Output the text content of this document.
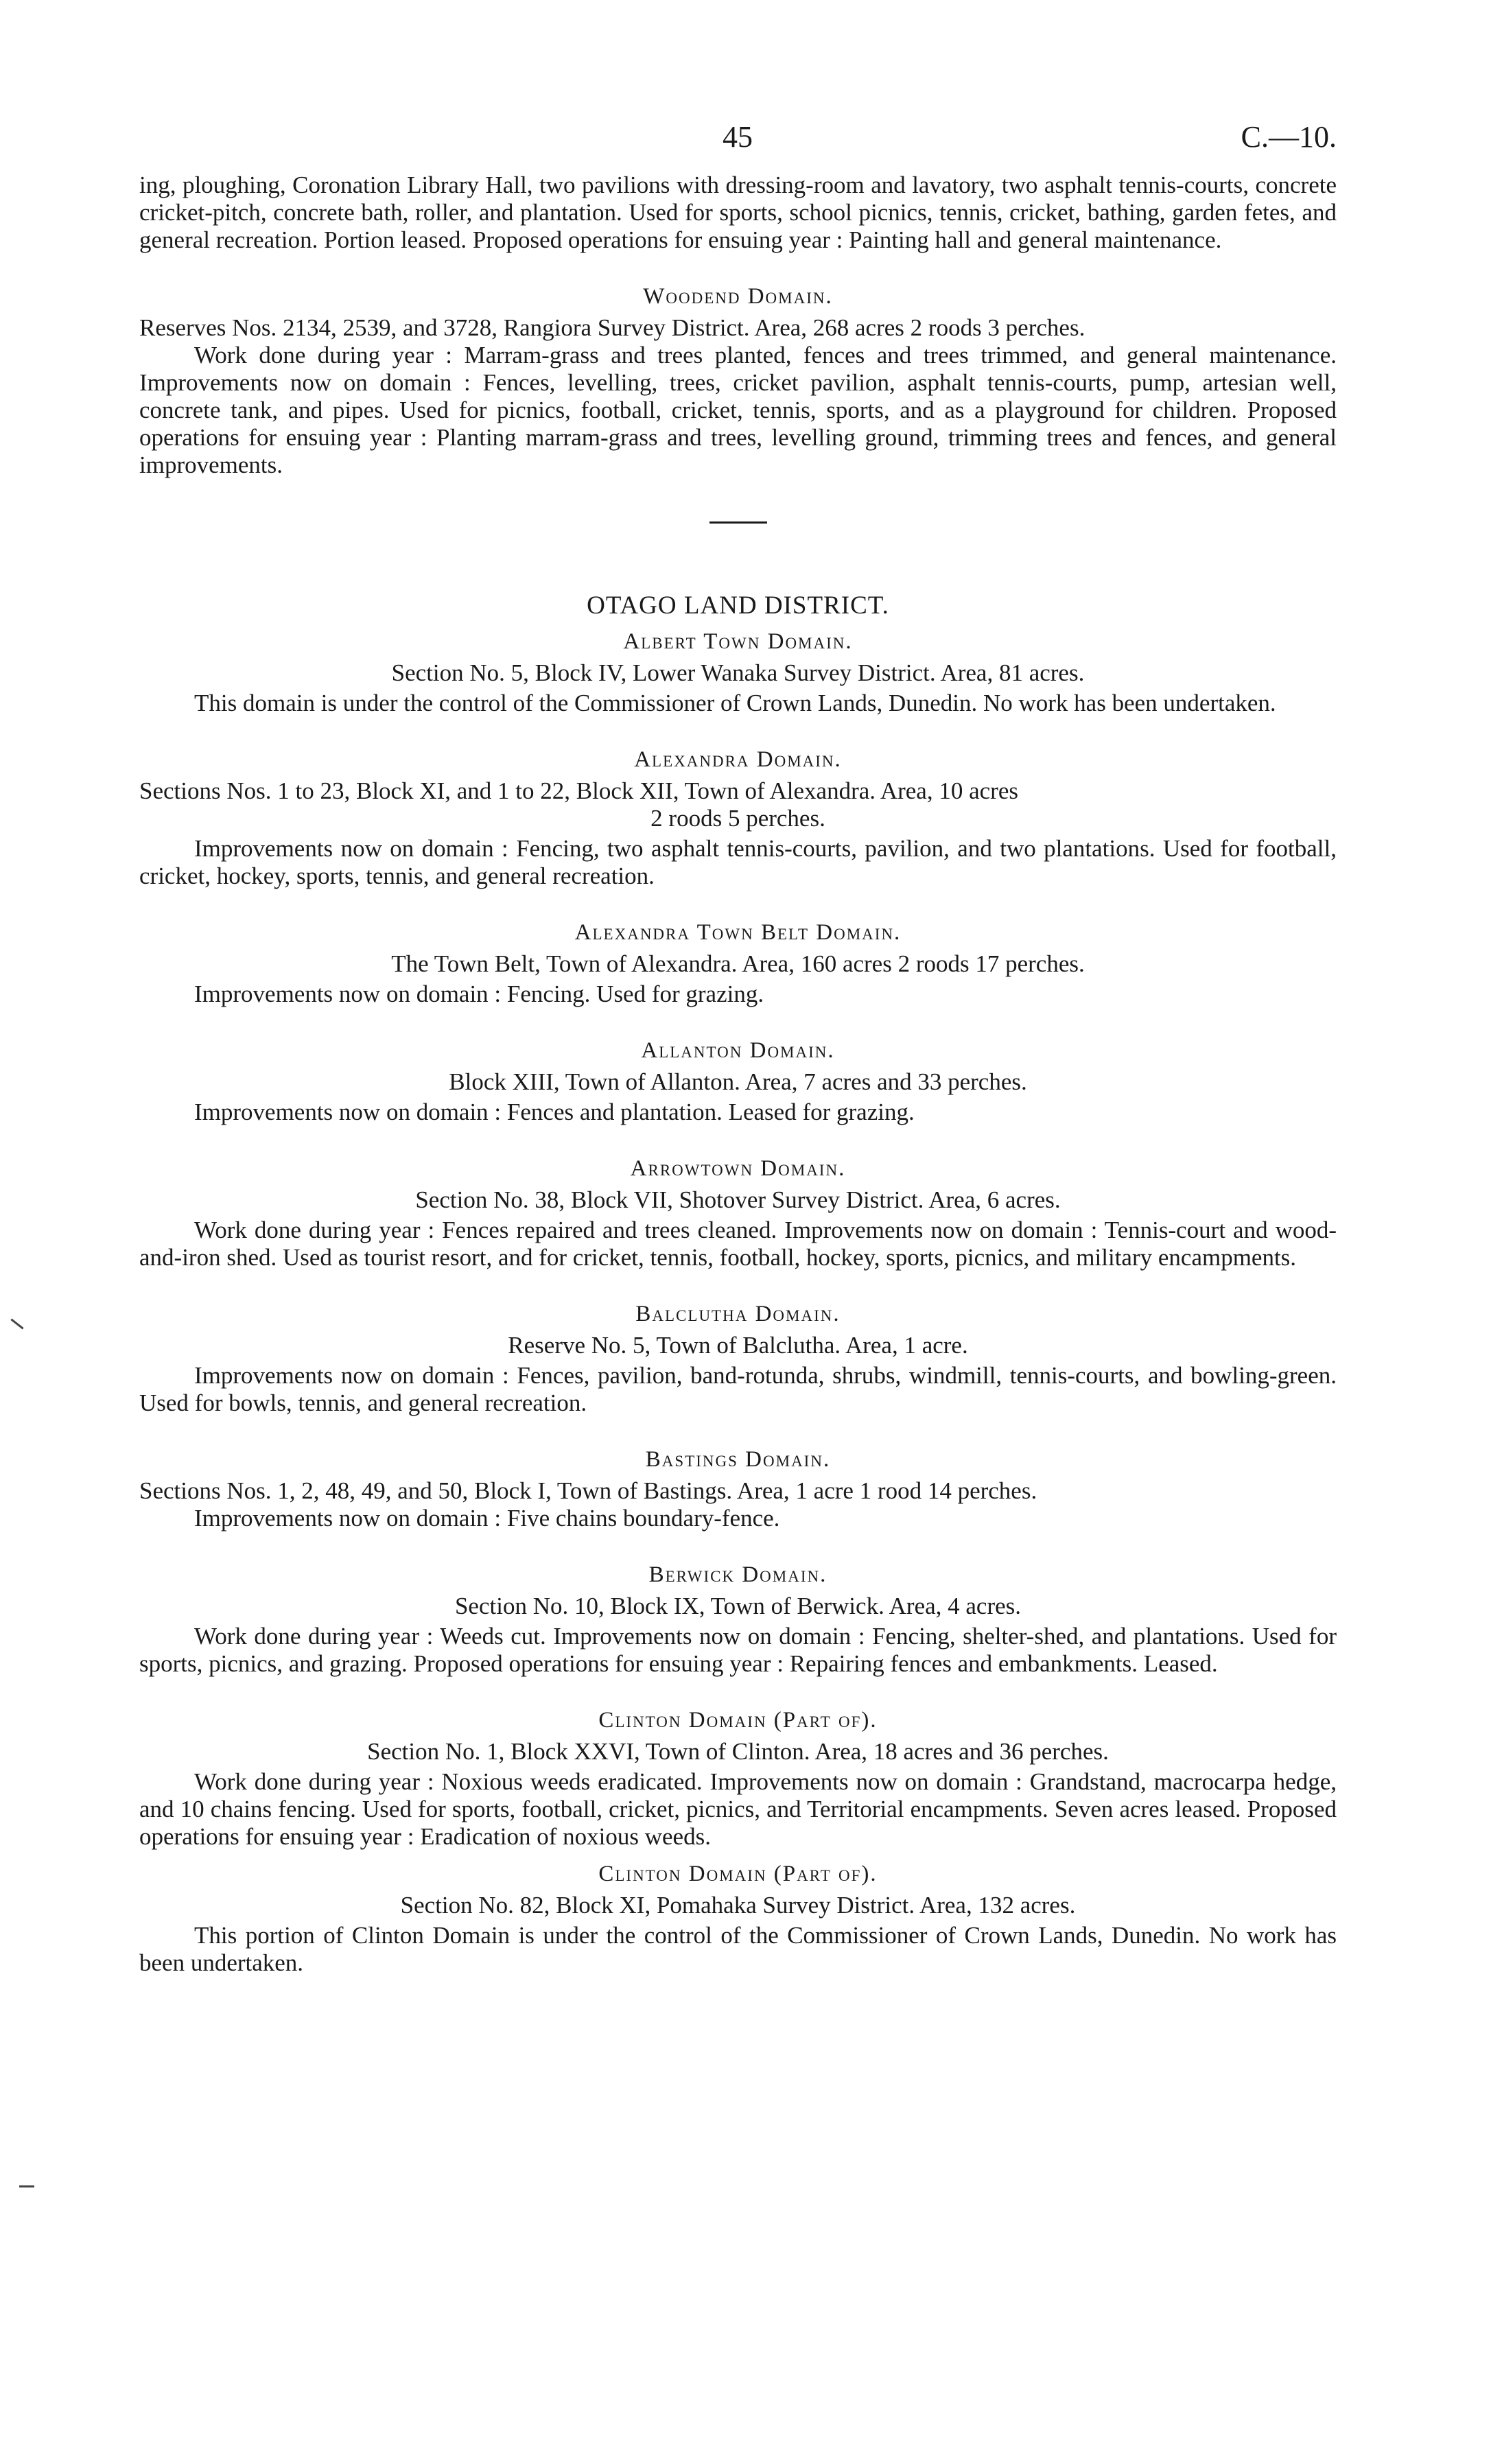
45	C.—10.

ing, ploughing, Coronation Library Hall, two pavilions with dressing-room and lavatory, two asphalt tennis-courts, concrete cricket-pitch, concrete bath, roller, and plantation. Used for sports, school picnics, tennis, cricket, bathing, garden fetes, and general recreation. Portion leased. Proposed operations for ensuing year : Painting hall and general maintenance.

Woodend Domain.

Reserves Nos. 2134, 2539, and 3728, Rangiora Survey District. Area, 268 acres 2 roods 3 perches.

Work done during year : Marram-grass and trees planted, fences and trees trimmed, and general maintenance. Improvements now on domain : Fences, levelling, trees, cricket pavilion, asphalt tennis-courts, pump, artesian well, concrete tank, and pipes. Used for picnics, football, cricket, tennis, sports, and as a playground for children. Proposed operations for ensuing year : Planting marram-grass and trees, levelling ground, trimming trees and fences, and general improvements.

OTAGO LAND DISTRICT.
Albert Town Domain.

Section No. 5, Block IV, Lower Wanaka Survey District. Area, 81 acres.

This domain is under the control of the Commissioner of Crown Lands, Dunedin. No work has been undertaken.

Alexandra Domain.

Sections Nos. 1 to 23, Block XI, and 1 to 22, Block XII, Town of Alexandra. Area, 10 acres

2 roods 5 perches.

Improvements now on domain : Fencing, two asphalt tennis-courts, pavilion, and two plantations. Used for football, cricket, hockey, sports, tennis, and general recreation.

Alexandra Town Belt Domain.

The Town Belt, Town of Alexandra. Area, 160 acres 2 roods 17 perches.

Improvements now on domain : Fencing. Used for grazing.

Allanton Domain.

Block XIII, Town of Allanton. Area, 7 acres and 33 perches.

Improvements now on domain : Fences and plantation. Leased for grazing.

Arrowtown Domain.

Section No. 38, Block VII, Shotover Survey District. Area, 6 acres.

Work done during year : Fences repaired and trees cleaned. Improvements now on domain : Tennis-court and wood-and-iron shed. Used as tourist resort, and for cricket, tennis, football, hockey, sports, picnics, and military encampments.

Balclutha Domain.

Reserve No. 5, Town of Balclutha. Area, 1 acre.

Improvements now on domain : Fences, pavilion, band-rotunda, shrubs, windmill, tennis-courts, and bowling-green. Used for bowls, tennis, and general recreation.

Bastings Domain.

Sections Nos. 1, 2, 48, 49, and 50, Block I, Town of Bastings. Area, 1 acre 1 rood 14 perches.

Improvements now on domain : Five chains boundary-fence.

Berwick Domain.

Section No. 10, Block IX, Town of Berwick. Area, 4 acres.

Work done during year : Weeds cut. Improvements now on domain : Fencing, shelter-shed, and plantations. Used for sports, picnics, and grazing. Proposed operations for ensuing year : Repairing fences and embankments. Leased.

Clinton Domain (Part of).

Section No. 1, Block XXVI, Town of Clinton. Area, 18 acres and 36 perches.

Work done during year : Noxious weeds eradicated. Improvements now on domain : Grandstand, macrocarpa hedge, and 10 chains fencing. Used for sports, football, cricket, picnics, and Territorial encampments. Seven acres leased. Proposed operations for ensuing year : Eradication of noxious weeds.

Clinton Domain (Part of).

Section No. 82, Block XI, Pomahaka Survey District. Area, 132 acres.

This portion of Clinton Domain is under the control of the Commissioner of Crown Lands, Dunedin. No work has been undertaken.
